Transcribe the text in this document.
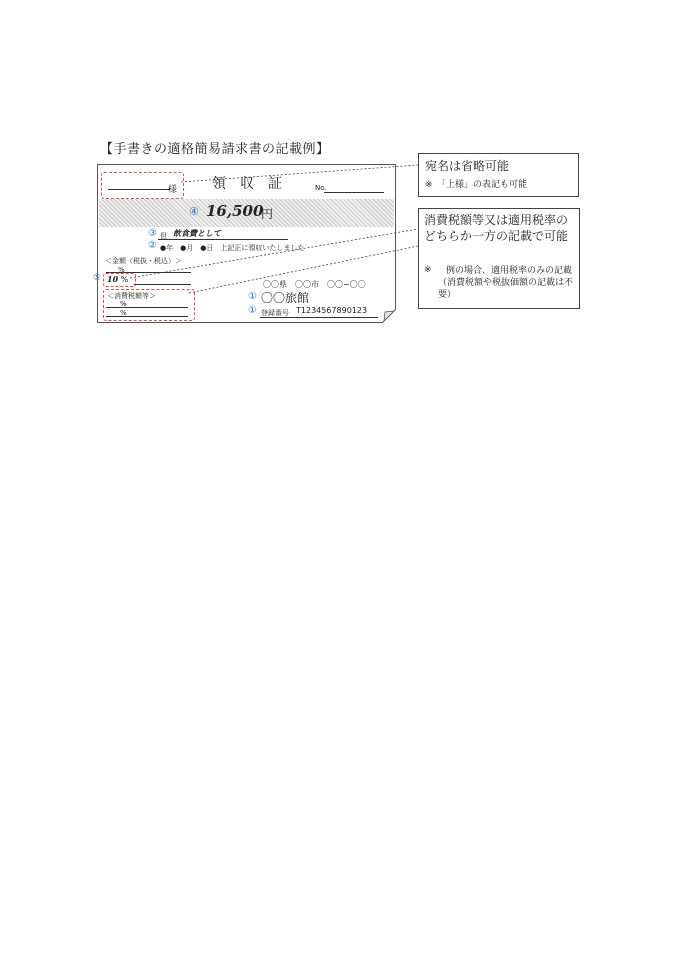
【手書きの適格簡易請求書の記載例】
様 領　収　証	No.
④ 16,500
円
③ 但 飲食費として
② ●年　●月　●日　上記正に領収いたしました
＜金額（税抜・税込）＞
%
10 %
⑤
＜消費税額等＞
%
%
〇〇県　〇〇市　〇〇−〇〇
① 〇〇旅館
① 登録番号 T1234567890123
宛名は省略可能
※　「上様」の表記も可能
消費税額等又は適用税率のどちらか一方の記載で可能
※	例の場合、適用税率のみの記載（消費税額や税抜価額の記載は不要）
